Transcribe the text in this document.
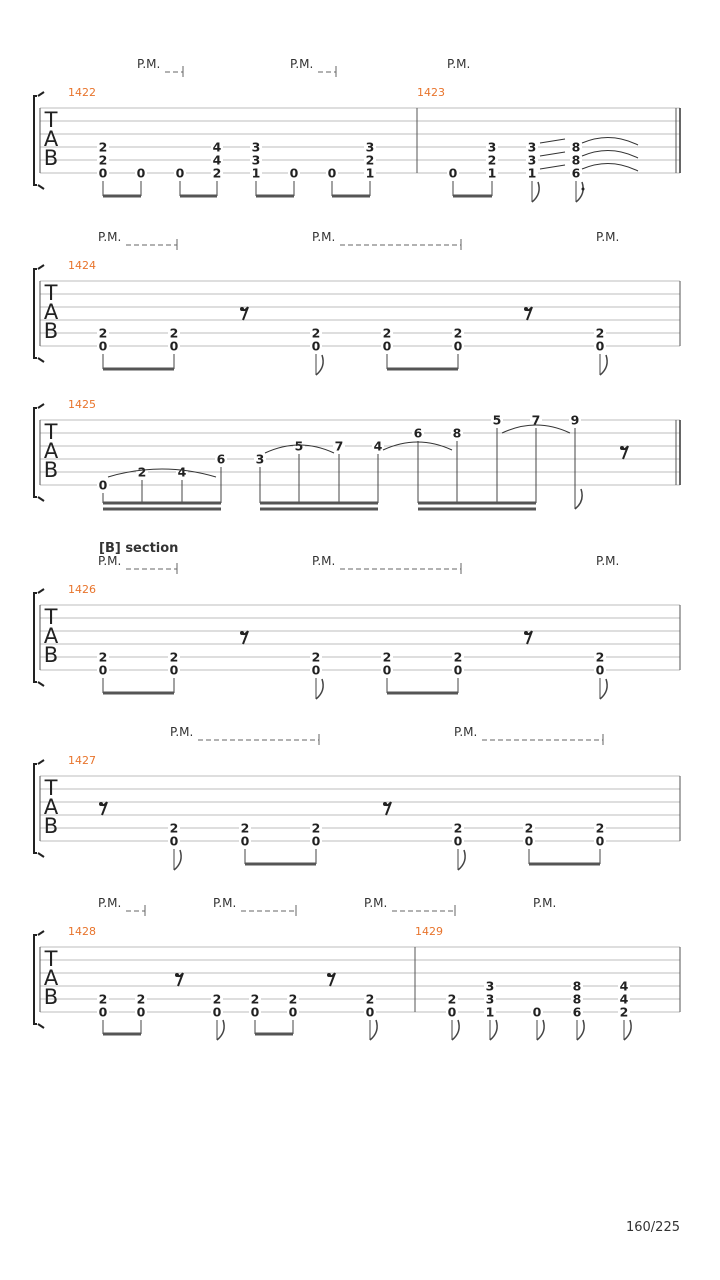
P.M.	P.M.	P.M.
T
A
B
1422
2
2
0 0 0
4
4
2
3
3
1 0 0
3
2
1
1423
0
3
2
1
3
3
1
8
8
6
P.M.	P.M.	P.M.
T
A
B
1424
2
0
2
0
2
0
2
0
2
0
2
0
T
A
B
1425
0
2	4
6 3
5	7 4
6 8
5 7 9
[B] section
P.M.	P.M.	P.M.
T
A
B
1426
2
0
2
0
2
0
2
0
2
0
2
0
P.M.	P.M.
T
A
B
1427
2
0
2
0
2
0
2
0
2
0
2
0
P.M.	P.M.	P.M.	P.M.
T
A
B
1428
2
0
2
0
2
0
2
0
2
0
2
0
1429
2
0
3
3
1	0
8
8
6
4
4
2
160/225
